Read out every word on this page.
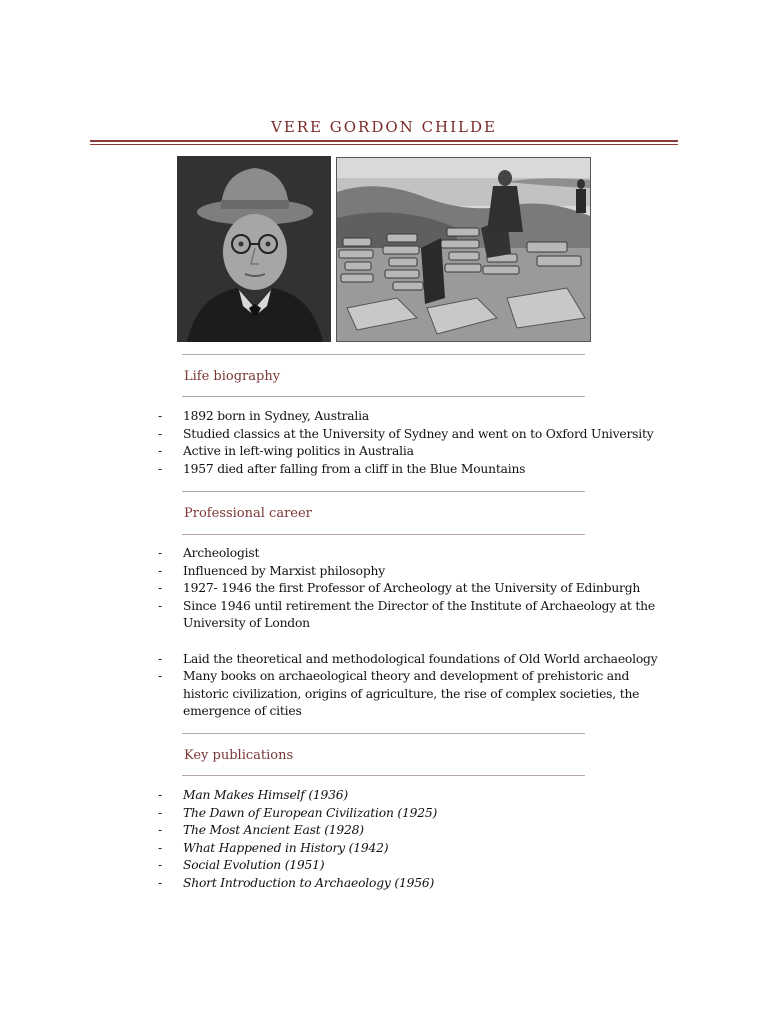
VERE GORDON CHILDE
Life biography
- 1892 born in Sydney, Australia
- Studied classics at the University of Sydney and went on to Oxford University
- Active in left-wing politics in Australia
- 1957 died after falling from a cliff in the Blue Mountains
Professional career
- Archeologist
- Influenced by Marxist philosophy
- 1927- 1946 the first Professor of Archeology at the University of Edinburgh
- Since 1946 until retirement the Director of the Institute of Archaeology at the University of London
- Laid the theoretical and methodological foundations of Old World archaeology
- Many books on archaeological theory and development of prehistoric and historic civilization, origins of agriculture, the rise of complex societies, the emergence of cities
Key publications
- Man Makes Himself (1936)
- The Dawn of European Civilization (1925)
- The Most Ancient East (1928)
- What Happened in History (1942)
- Social Evolution (1951)
- Short Introduction to Archaeology (1956)
